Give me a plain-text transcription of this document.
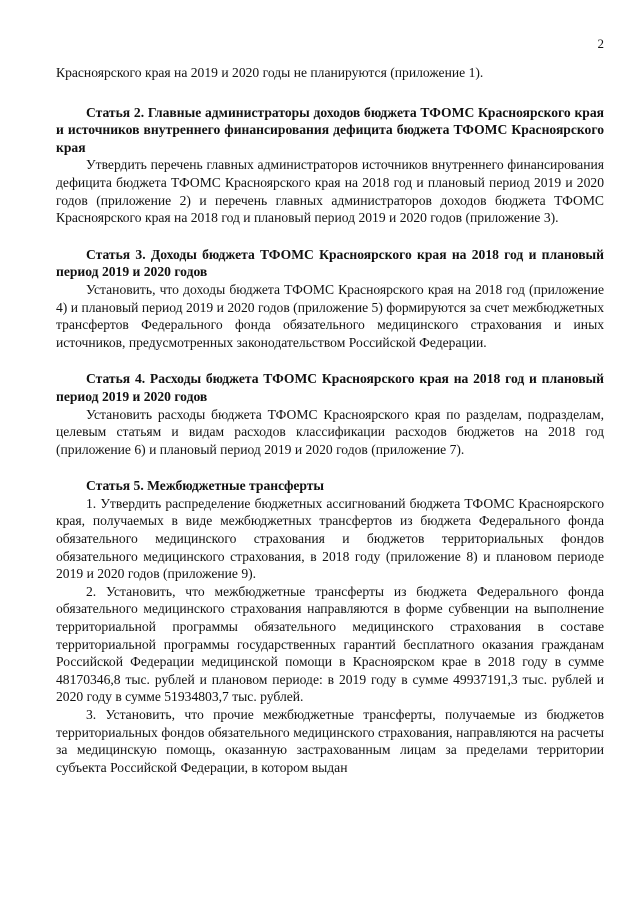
2

Красноярского края на 2019 и 2020 годы не планируются (приложение 1).

Статья 2. Главные администраторы доходов бюджета ТФОМС Красноярского края и источников внутреннего финансирования дефицита бюджета ТФОМС Красноярского края

Утвердить перечень главных администраторов источников внутреннего финансирования дефицита бюджета ТФОМС Красноярского края на 2018 год и плановый период 2019 и 2020 годов (приложение 2) и перечень главных администраторов доходов бюджета ТФОМС Красноярского края на 2018 год и плановый период 2019 и 2020 годов (приложение 3).

Статья 3. Доходы бюджета ТФОМС Красноярского края на 2018 год и плановый период 2019 и 2020 годов

Установить, что доходы бюджета ТФОМС Красноярского края на 2018 год (приложение 4) и плановый период 2019 и 2020 годов (приложение 5) формируются за счет межбюджетных трансфертов Федерального фонда обязательного медицинского страхования и иных источников, предусмотренных законодательством Российской Федерации.

Статья 4. Расходы бюджета ТФОМС Красноярского края на 2018 год и плановый период 2019 и 2020 годов

Установить расходы бюджета ТФОМС Красноярского края по разделам, подразделам, целевым статьям и видам расходов классификации расходов бюджетов на 2018 год (приложение 6) и плановый период 2019 и 2020 годов (приложение 7).

Статья 5. Межбюджетные трансферты

1. Утвердить распределение бюджетных ассигнований бюджета ТФОМС Красноярского края, получаемых в виде межбюджетных трансфертов из бюджета Федерального фонда обязательного медицинского страхования и бюджетов территориальных фондов обязательного медицинского страхования, в 2018 году (приложение 8) и плановом периоде 2019 и 2020 годов (приложение 9).

2. Установить, что межбюджетные трансферты из бюджета Федерального фонда обязательного медицинского страхования направляются в форме субвенции на выполнение территориальной программы обязательного медицинского страхования в составе территориальной программы государственных гарантий бесплатного оказания гражданам Российской Федерации медицинской помощи в Красноярском крае в 2018 году в сумме 48170346,8 тыс. рублей и плановом периоде: в 2019 году в сумме 49937191,3 тыс. рублей и 2020 году в сумме 51934803,7 тыс. рублей.

3. Установить, что прочие межбюджетные трансферты, получаемые из бюджетов территориальных фондов обязательного медицинского страхования, направляются на расчеты за медицинскую помощь, оказанную застрахованным лицам за пределами территории субъекта Российской Федерации, в котором выдан
